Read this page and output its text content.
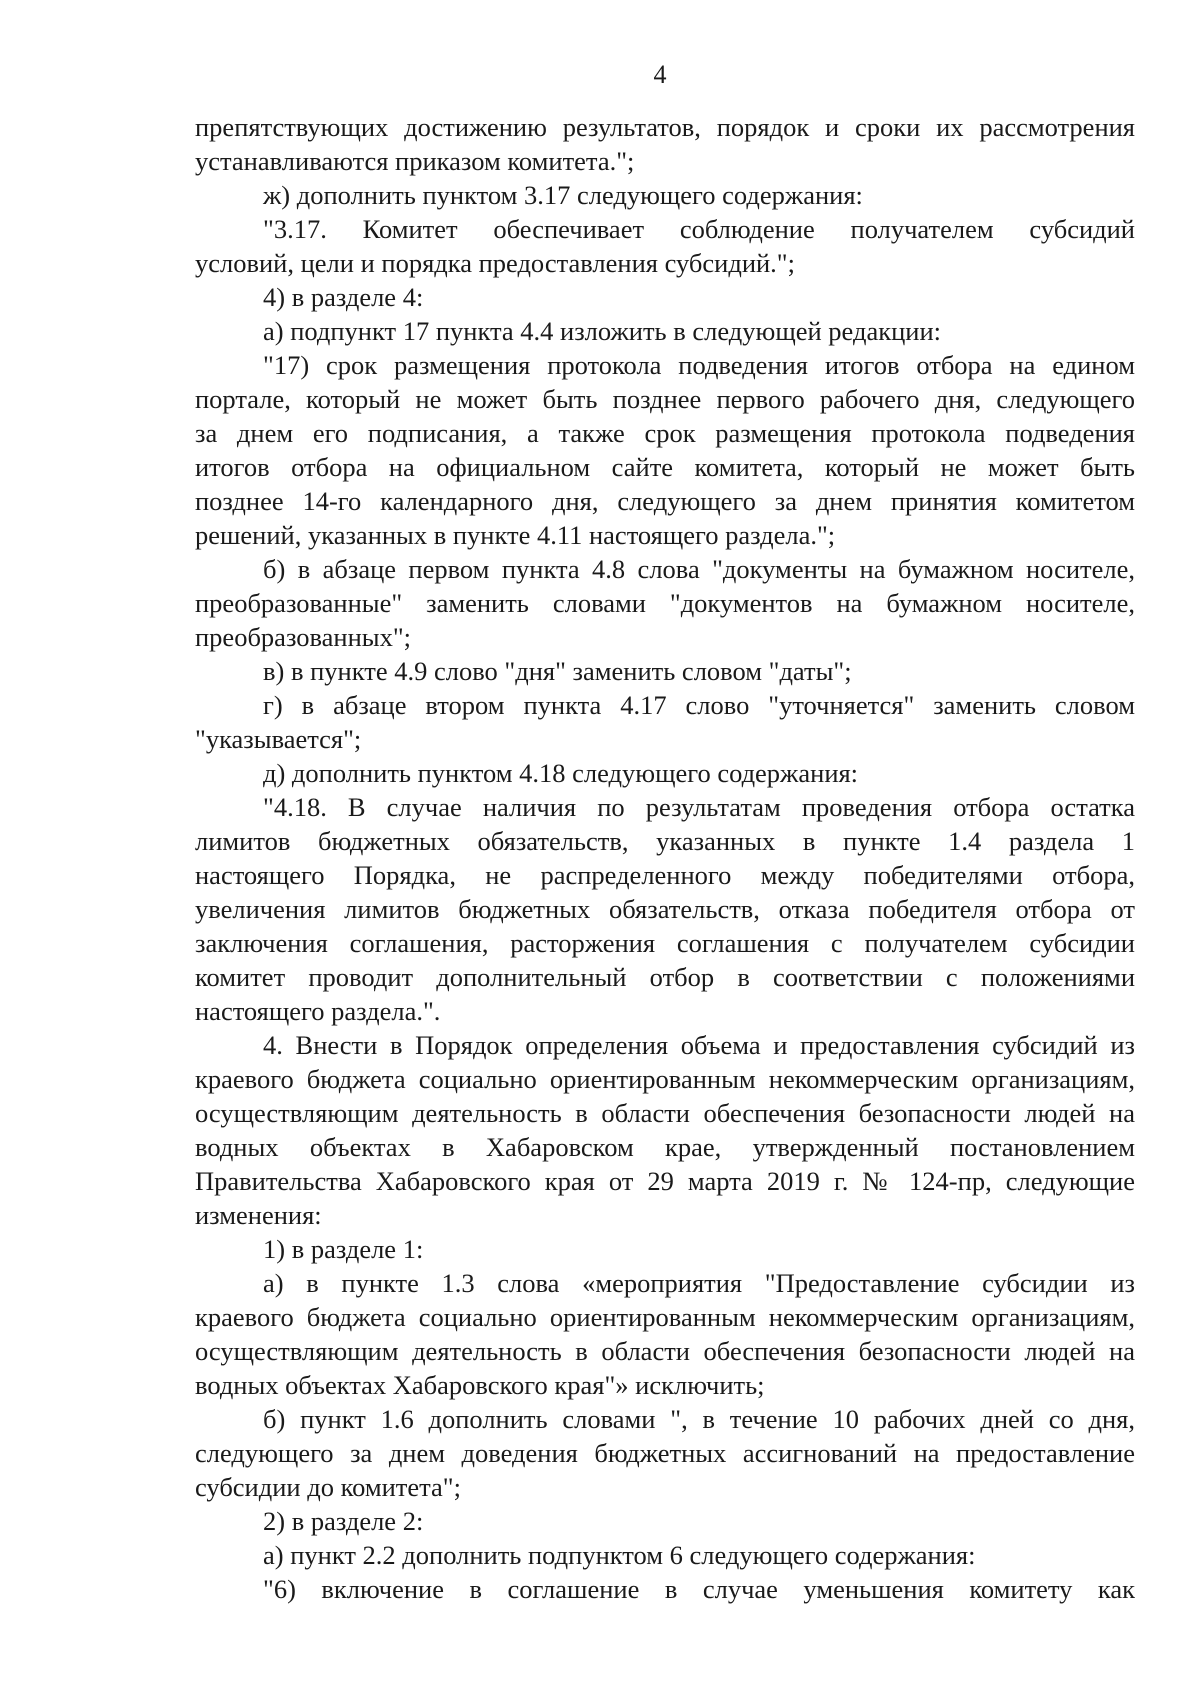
4
препятствующих достижению результатов, порядок и сроки их рассмотрения
устанавливаются приказом комитета.";
ж) дополнить пунктом 3.17 следующего содержания:
"3.17. Комитет обеспечивает соблюдение получателем субсидий
условий, цели и порядка предоставления субсидий.";
4) в разделе 4:
а) подпункт 17 пункта 4.4 изложить в следующей редакции:
"17) срок размещения протокола подведения итогов отбора на едином
портале, который не может быть позднее первого рабочего дня, следующего
за днем его подписания, а также срок размещения протокола подведения
итогов отбора на официальном сайте комитета, который не может быть
позднее 14-го календарного дня, следующего за днем принятия комитетом
решений, указанных в пункте 4.11 настоящего раздела.";
б) в абзаце первом пункта 4.8 слова "документы на бумажном носителе,
преобразованные" заменить словами "документов на бумажном носителе,
преобразованных";
в) в пункте 4.9 слово "дня" заменить словом "даты";
г) в абзаце втором пункта 4.17 слово "уточняется" заменить словом
"указывается";
д) дополнить пунктом 4.18 следующего содержания:
"4.18. В случае наличия по результатам проведения отбора остатка
лимитов бюджетных обязательств, указанных в пункте 1.4 раздела 1
настоящего Порядка, не распределенного между победителями отбора,
увеличения лимитов бюджетных обязательств, отказа победителя отбора от
заключения соглашения, расторжения соглашения с получателем субсидии
комитет проводит дополнительный отбор в соответствии с положениями
настоящего раздела.".
4. Внести в Порядок определения объема и предоставления субсидий из
краевого бюджета социально ориентированным некоммерческим организациям,
осуществляющим деятельность в области обеспечения безопасности людей на
водных объектах в Хабаровском крае, утвержденный постановлением
Правительства Хабаровского края от 29 марта 2019 г. № 124-пр, следующие
изменения:
1) в разделе 1:
а) в пункте 1.3 слова «мероприятия "Предоставление субсидии из
краевого бюджета социально ориентированным некоммерческим организациям,
осуществляющим деятельность в области обеспечения безопасности людей на
водных объектах Хабаровского края"» исключить;
б) пункт 1.6 дополнить словами ", в течение 10 рабочих дней со дня,
следующего за днем доведения бюджетных ассигнований на предоставление
субсидии до комитета";
2) в разделе 2:
а) пункт 2.2 дополнить подпунктом 6 следующего содержания:
"6) включение в соглашение в случае уменьшения комитету как
